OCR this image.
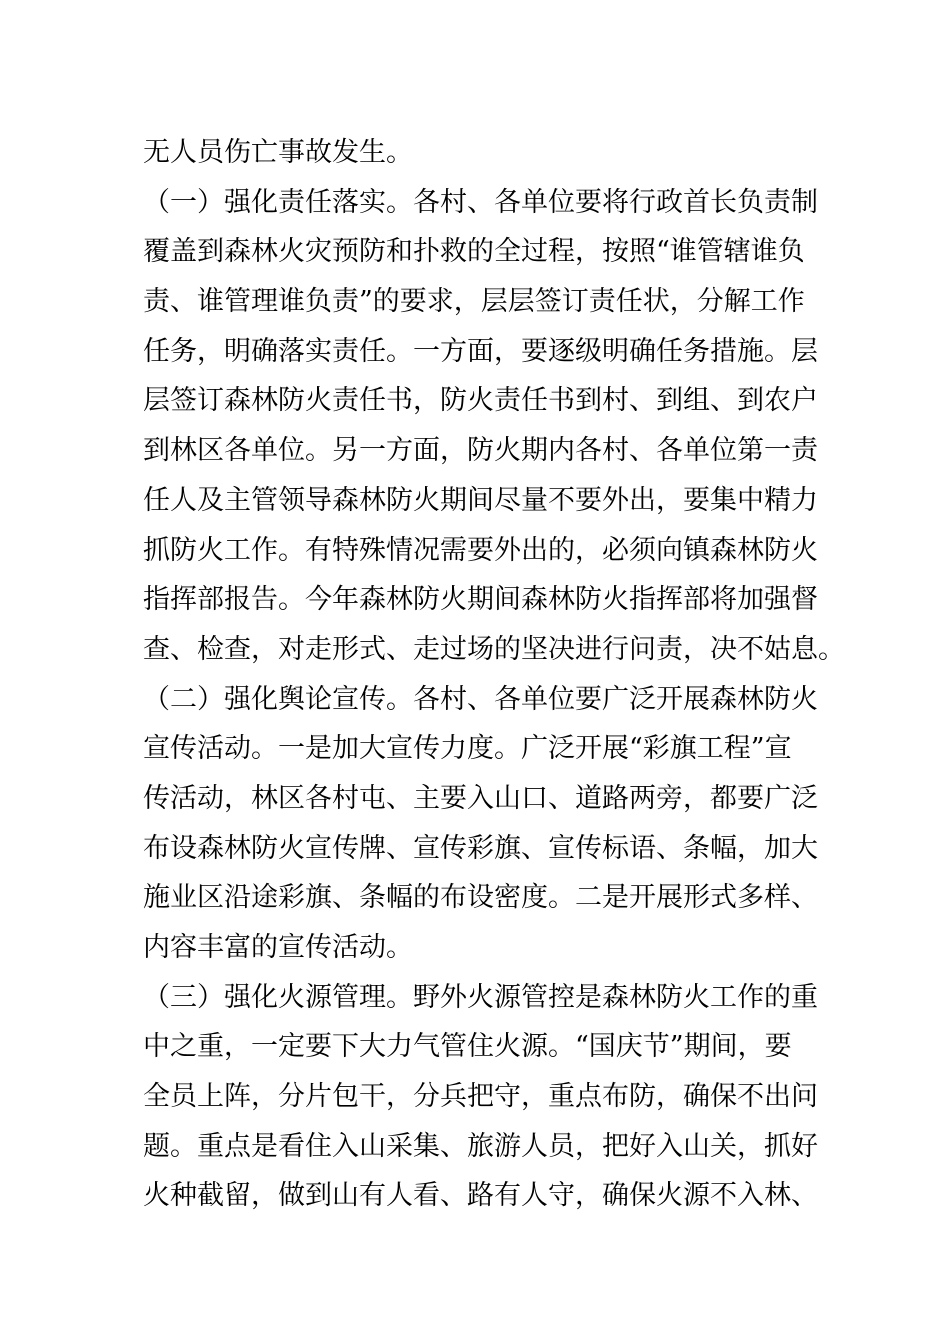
无人员伤亡事故发生。
（一）强化责任落实。各村、各单位要将行政首长负责制
覆盖到森林火灾预防和扑救的全过程，按照“谁管辖谁负
责、谁管理谁负责”的要求，层层签订责任状，分解工作
任务，明确落实责任。一方面，要逐级明确任务措施。层
层签订森林防火责任书，防火责任书到村、到组、到农户
到林区各单位。另一方面，防火期内各村、各单位第一责
任人及主管领导森林防火期间尽量不要外出，要集中精力
抓防火工作。有特殊情况需要外出的，必须向镇森林防火
指挥部报告。今年森林防火期间森林防火指挥部将加强督
查、检查，对走形式、走过场的坚决进行问责，决不姑息。
（二）强化舆论宣传。各村、各单位要广泛开展森林防火
宣传活动。一是加大宣传力度。广泛开展“彩旗工程”宣
传活动，林区各村屯、主要入山口、道路两旁，都要广泛
布设森林防火宣传牌、宣传彩旗、宣传标语、条幅，加大
施业区沿途彩旗、条幅的布设密度。二是开展形式多样、
内容丰富的宣传活动。
（三）强化火源管理。野外火源管控是森林防火工作的重
中之重，一定要下大力气管住火源。“国庆节”期间，要
全员上阵，分片包干，分兵把守，重点布防，确保不出问
题。重点是看住入山采集、旅游人员，把好入山关，抓好
火种截留，做到山有人看、路有人守，确保火源不入林、
